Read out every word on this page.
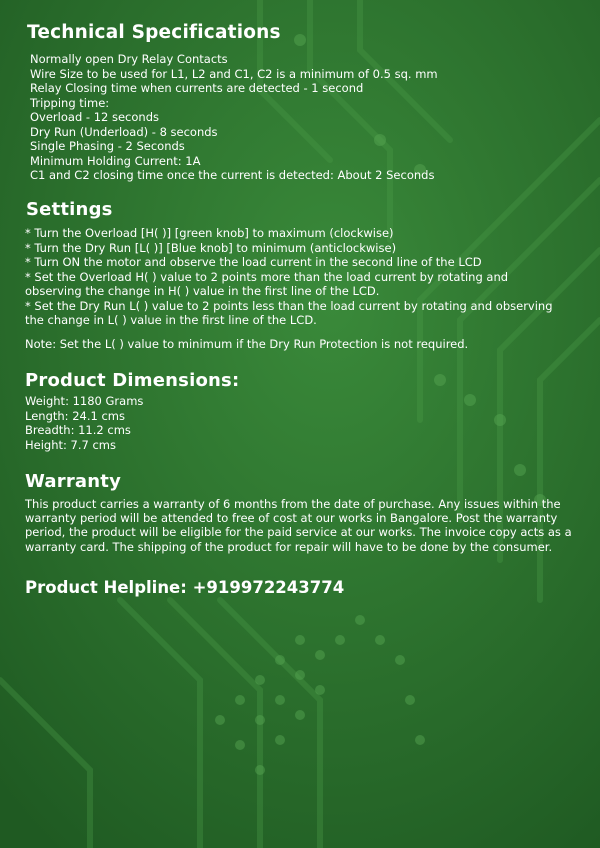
Technical Specifications
Normally open Dry Relay Contacts
Wire Size to be used for L1, L2 and C1, C2 is a minimum of 0.5 sq. mm
Relay Closing time when currents are detected - 1 second
Tripping time:
Overload - 12 seconds
Dry Run (Underload) - 8 seconds
Single Phasing - 2 Seconds
Minimum Holding Current: 1A
C1 and C2 closing time once the current is detected: About 2 Seconds
Settings
* Turn the Overload [H( )] [green knob] to maximum (clockwise)
* Turn the Dry Run [L( )] [Blue knob] to minimum (anticlockwise)
* Turn ON the motor and observe the load current in the second line of the LCD
* Set the Overload H( ) value to 2 points more than the load current by rotating and
observing the change in H( ) value in the first line of the LCD.
* Set the Dry Run L( ) value to 2 points less than the load current by rotating and observing
the change in L( ) value in the first line of the LCD.
Note: Set the L( ) value to minimum if the Dry Run Protection is not required.
Product Dimensions:
Weight: 1180 Grams
Length: 24.1 cms
Breadth: 11.2 cms
Height: 7.7 cms
Warranty
This product carries a warranty of 6 months from the date of purchase. Any issues within the warranty period will be attended to free of cost at our works in Bangalore. Post the warranty period, the product will be eligible for the paid service at our works. The invoice copy acts as a warranty card. The shipping of the product for repair will have to be done by the consumer.
Product Helpline: +919972243774
